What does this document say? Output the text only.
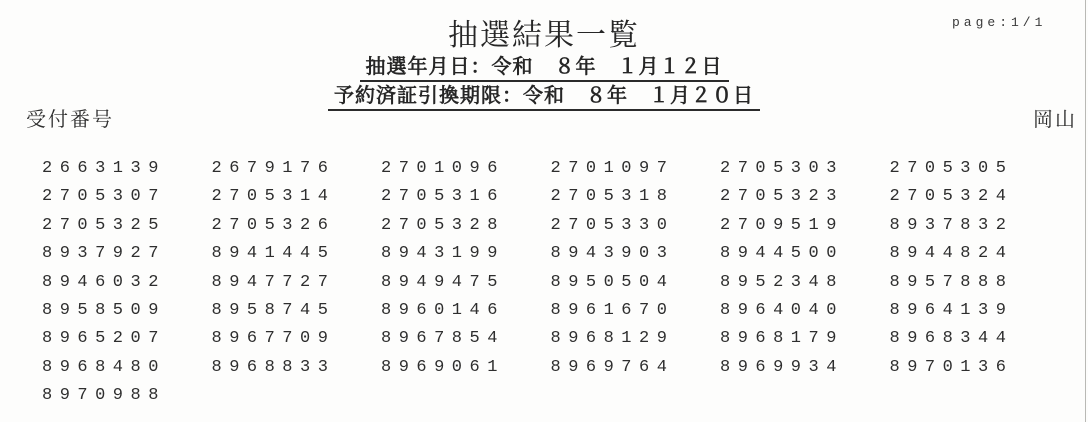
page:1/1
抽選結果一覧
抽選年月日：令和　８年　１月１２日
予約済証引換期限：令和　８年　１月２０日
受付番号	岡山
2663139	2679176	2701096	2701097	2705303	2705305
2705307	2705314	2705316	2705318	2705323	2705324
2705325	2705326	2705328	2705330	2709519	8937832
8937927	8941445	8943199	8943903	8944500	8944824
8946032	8947727	8949475	8950504	8952348	8957888
8958509	8958745	8960146	8961670	8964040	8964139
8965207	8967709	8967854	8968129	8968179	8968344
8968480	8968833	8969061	8969764	8969934	8970136
8970988
